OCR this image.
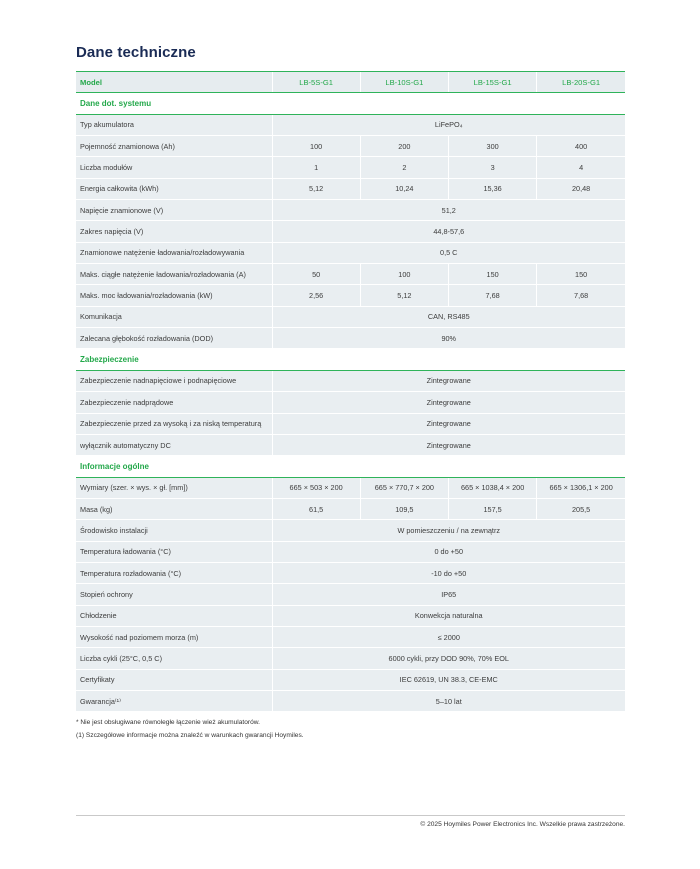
Dane techniczne
Model	LB-5S-G1	LB-10S-G1	LB-15S-G1	LB-20S-G1
Dane dot. systemu				
Typ akumulatora	LiFePO₄			
Pojemność znamionowa (Ah)	100	200	300	400
Liczba modułów	1	2	3	4
Energia całkowita (kWh)	5,12	10,24	15,36	20,48
Napięcie znamionowe (V)	51,2			
Zakres napięcia (V)	44,8-57,6			
Znamionowe natężenie ładowania/rozładowywania	0,5 C			
Maks. ciągłe natężenie ładowania/rozładowania (A)	50	100	150	150
Maks. moc ładowania/rozładowania (kW)	2,56	5,12	7,68	7,68
Komunikacja	CAN, RS485			
Zalecana głębokość rozładowania (DOD)	90%			
Zabezpieczenie				
Zabezpieczenie nadnapięciowe i podnapięciowe	Zintegrowane			
Zabezpieczenie nadprądowe	Zintegrowane			
Zabezpieczenie przed za wysoką i za niską temperaturą	Zintegrowane			
wyłącznik automatyczny DC	Zintegrowane			
Informacje ogólne				
Wymiary (szer. × wys. × gł. [mm])	665 × 503 × 200	665 × 770,7 × 200	665 × 1038,4 × 200	665 × 1306,1 × 200
Masa (kg)	61,5	109,5	157,5	205,5
Środowisko instalacji	W pomieszczeniu / na zewnątrz			
Temperatura ładowania (°C)	0 do +50			
Temperatura rozładowania (°C)	-10 do +50			
Stopień ochrony	IP65			
Chłodzenie	Konwekcja naturalna			
Wysokość nad poziomem morza (m)	≤ 2000			
Liczba cykli (25°C, 0,5 C)	6000 cykli, przy DOD 90%, 70% EOL			
Certyfikaty	IEC 62619, UN 38.3, CE-EMC			
Gwarancja⁽¹⁾	5–10 lat			
* Nie jest obsługiwane równoległe łączenie wież akumulatorów.
(1) Szczegółowe informacje można znaleźć w warunkach gwarancji Hoymiles.
© 2025 Hoymiles Power Electronics Inc. Wszelkie prawa zastrzeżone.
